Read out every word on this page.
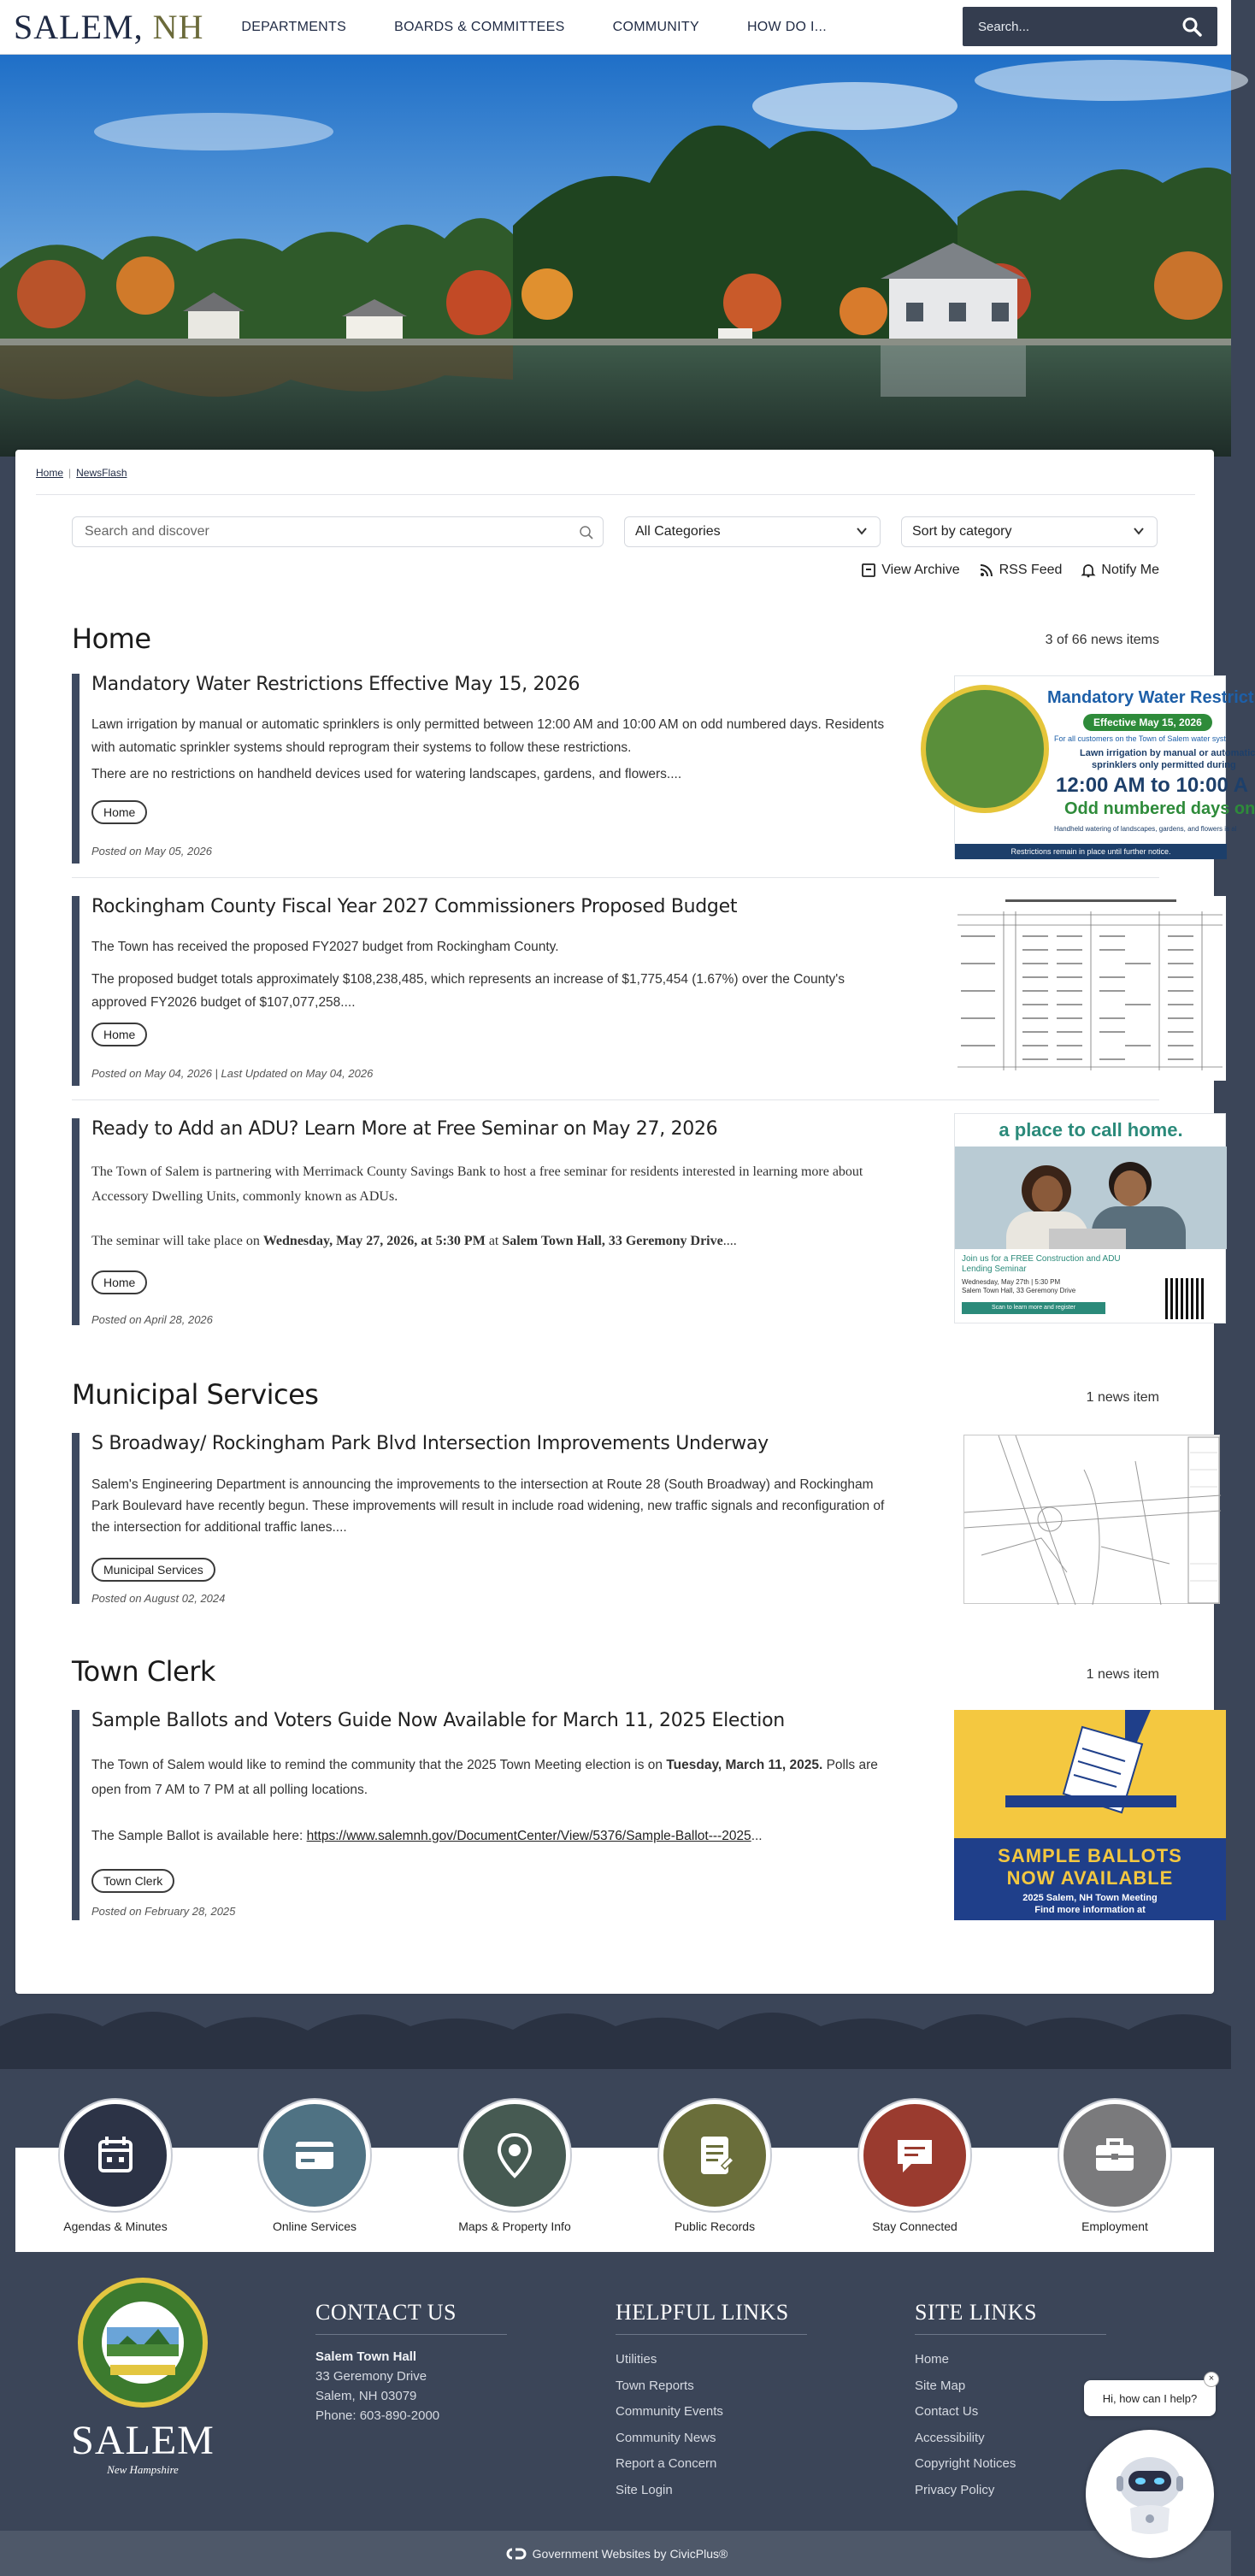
SALEM, NH	DEPARTMENTS	BOARDS & COMMITTEES	COMMUNITY	HOW DO I...	Search...
Home | NewsFlash
Search and discover	All Categories	Sort by category
View Archive	RSS Feed	Notify Me
Home	3 of 66 news items
Mandatory Water Restrictions Effective May 15, 2026
Lawn irrigation by manual or automatic sprinklers is only permitted between 12:00 AM and 10:00 AM on odd numbered days. Residents with automatic sprinkler systems should reprogram their systems to follow these restrictions.
There are no restrictions on handheld devices used for watering landscapes, gardens, and flowers....
Home
Posted on May 05, 2026
Mandatory Water Restrict
Effective May 15, 2026
For all customers on the Town of Salem water syst
Lawn irrigation by manual or automatic
sprinklers only permitted during
12:00 AM to 10:00 A
Odd numbered days on
Handheld watering of landscapes, gardens, and flowers is al
Restrictions remain in place until further notice.
Rockingham County Fiscal Year 2027 Commissioners Proposed Budget
The Town has received the proposed FY2027 budget from Rockingham County.
The proposed budget totals approximately $108,238,485, which represents an increase of $1,775,454 (1.67%) over the County's approved FY2026 budget of $107,077,258....
Home
Posted on May 04, 2026 | Last Updated on May 04, 2026
Ready to Add an ADU? Learn More at Free Seminar on May 27, 2026
The Town of Salem is partnering with Merrimack County Savings Bank to host a free seminar for residents interested in learning more about Accessory Dwelling Units, commonly known as ADUs.
The seminar will take place on Wednesday, May 27, 2026, at 5:30 PM at Salem Town Hall, 33 Geremony Drive....
Home
Posted on April 28, 2026
a place to call home.
Join us for a FREE Construction and ADU
Lending Seminar
Wednesday, May 27th | 5:30 PM
Salem Town Hall, 33 Geremony Drive
Scan to learn more and register
Municipal Services	1 news item
S Broadway/ Rockingham Park Blvd Intersection Improvements Underway
Salem's Engineering Department is announcing the improvements to the intersection at Route 28 (South Broadway) and Rockingham Park Boulevard have recently begun. These improvements will result in include road widening, new traffic signals and reconfiguration of the intersection for additional traffic lanes....
Municipal Services
Posted on August 02, 2024
Town Clerk	1 news item
Sample Ballots and Voters Guide Now Available for March 11, 2025 Election
The Town of Salem would like to remind the community that the 2025 Town Meeting election is on Tuesday, March 11, 2025. Polls are open from 7 AM to 7 PM at all polling locations.
The Sample Ballot is available here: https://www.salemnh.gov/DocumentCenter/View/5376/Sample-Ballot---2025...
Town Clerk
Posted on February 28, 2025
SAMPLE BALLOTS
NOW AVAILABLE
2025 Salem, NH Town Meeting
Find more information at
Agendas & Minutes	Online Services	Maps & Property Info	Public Records	Stay Connected	Employment
SALEM
New Hampshire
CONTACT US
Salem Town Hall
33 Geremony Drive
Salem, NH 03079
Phone: 603-890-2000
HELPFUL LINKS
Utilities
Town Reports
Community Events
Community News
Report a Concern
Site Login
SITE LINKS
Home
Site Map
Contact Us
Accessibility
Copyright Notices
Privacy Policy
Government Websites by CivicPlus®
Hi, how can I help?
×
